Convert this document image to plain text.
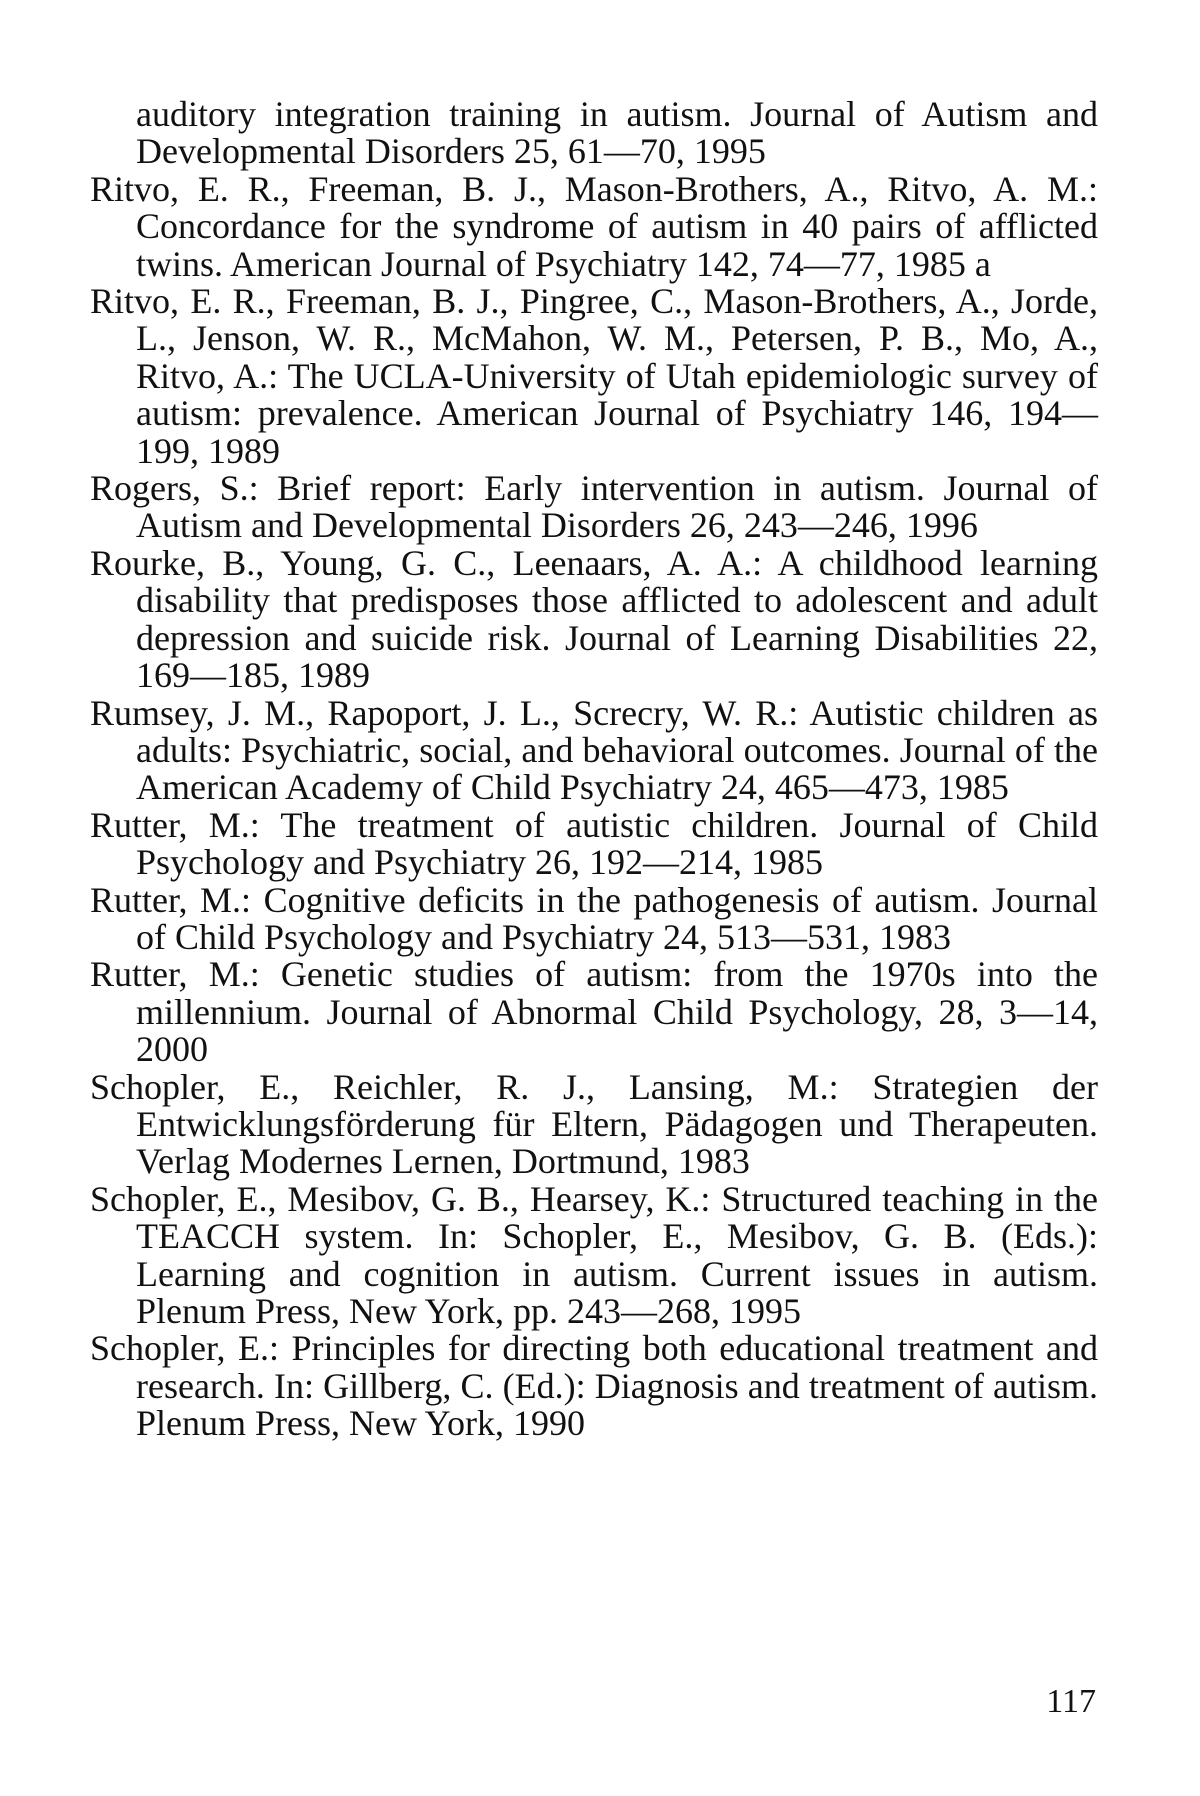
auditory integration training in autism. Journal of Autism and Developmental Disorders 25, 61—70, 1995
Ritvo, E. R., Freeman, B. J., Mason-Brothers, A., Ritvo, A. M.: Concordance for the syndrome of autism in 40 pairs of afflicted twins. American Journal of Psychiatry 142, 74—77, 1985 a
Ritvo, E. R., Freeman, B. J., Pingree, C., Mason-Brothers, A., Jorde, L., Jenson, W. R., McMahon, W. M., Petersen, P. B., Mo, A., Ritvo, A.: The UCLA-University of Utah epidemiologic survey of autism: prevalence. American Journal of Psychiatry 146, 194—199, 1989
Rogers, S.: Brief report: Early intervention in autism. Journal of Autism and Developmental Disorders 26, 243—246, 1996
Rourke, B., Young, G. C., Leenaars, A. A.: A childhood learning disability that predisposes those afflicted to adolescent and adult depression and suicide risk. Journal of Learning Disabilities 22, 169—185, 1989
Rumsey, J. M., Rapoport, J. L., Screcry, W. R.: Autistic children as adults: Psychiatric, social, and behavioral outcomes. Journal of the American Academy of Child Psychiatry 24, 465—473, 1985
Rutter, M.: The treatment of autistic children. Journal of Child Psychology and Psychiatry 26, 192—214, 1985
Rutter, M.: Cognitive deficits in the pathogenesis of autism. Journal of Child Psychology and Psychiatry 24, 513—531, 1983
Rutter, M.: Genetic studies of autism: from the 1970s into the millennium. Journal of Abnormal Child Psychology, 28, 3—14, 2000
Schopler, E., Reichler, R. J., Lansing, M.: Strategien der Entwicklungsförderung für Eltern, Pädagogen und Therapeuten. Verlag Modernes Lernen, Dortmund, 1983
Schopler, E., Mesibov, G. B., Hearsey, K.: Structured teaching in the TEACCH system. In: Schopler, E., Mesibov, G. B. (Eds.): Learning and cognition in autism. Current issues in autism. Plenum Press, New York, pp. 243—268, 1995
Schopler, E.: Principles for directing both educational treatment and research. In: Gillberg, C. (Ed.): Diagnosis and treatment of autism. Plenum Press, New York, 1990
117
